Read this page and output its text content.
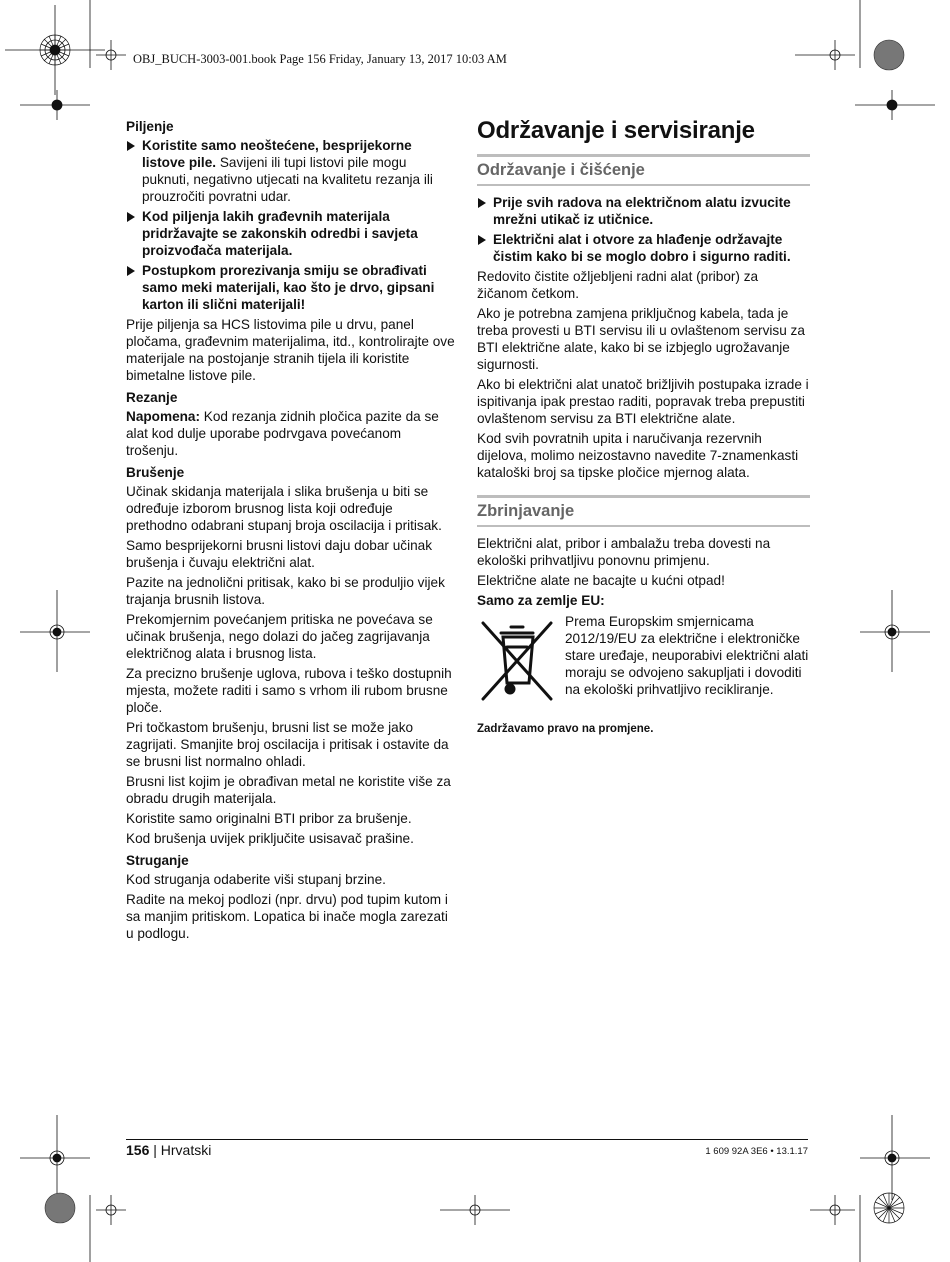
OBJ_BUCH-3003-001.book Page 156 Friday, January 13, 2017 10:03 AM
Piljenje
Koristite samo neoštećene, besprijekorne listove pile. Savijeni ili tupi listovi pile mogu puknuti, negativno utjecati na kvalitetu rezanja ili prouzročiti povratni udar.
Kod piljenja lakih građevnih materijala pridržavajte se zakonskih odredbi i savjeta proizvođača materijala.
Postupkom prorezivanja smiju se obrađivati samo meki materijali, kao što je drvo, gipsani karton ili slični materijali!

Prije piljenja sa HCS listovima pile u drvu, panel pločama, građevnim materijalima, itd., kontrolirajte ove materijale na postojanje stranih tijela ili koristite bimetalne listove pile.

Rezanje

Napomena: Kod rezanja zidnih pločica pazite da se alat kod dulje uporabe podrvgava povećanom trošenju.

Brušenje

Učinak skidanja materijala i slika brušenja u biti se određuje izborom brusnog lista koji određuje prethodno odabrani stupanj broja oscilacija i pritisak.

Samo besprijekorni brusni listovi daju dobar učinak brušenja i čuvaju električni alat.

Pazite na jednolični pritisak, kako bi se produljio vijek trajanja brusnih listova.

Prekomjernim povećanjem pritiska ne povećava se učinak brušenja, nego dolazi do jačeg zagrijavanja električnog alata i brusnog lista.

Za precizno brušenje uglova, rubova i teško dostupnih mjesta, možete raditi i samo s vrhom ili rubom brusne ploče.

Pri točkastom brušenju, brusni list se može jako zagrijati. Smanjite broj oscilacija i pritisak i ostavite da se brusni list normalno ohladi.

Brusni list kojim je obrađivan metal ne koristite više za obradu drugih materijala.

Koristite samo originalni BTI pribor za brušenje.

Kod brušenja uvijek priključite usisavač prašine.

Struganje

Kod struganja odaberite viši stupanj brzine.

Radite na mekoj podlozi (npr. drvu) pod tupim kutom i sa manjim pritiskom. Lopatica bi inače mogla zarezati u podlogu.

Održavanje i servisiranje
Održavanje i čišćenje
Prije svih radova na električnom alatu izvucite mrežni utikač iz utičnice.
Električni alat i otvore za hlađenje održavajte čistim kako bi se moglo dobro i sigurno raditi.

Redovito čistite ožljebljeni radni alat (pribor) za žičanom četkom.

Ako je potrebna zamjena priključnog kabela, tada je treba provesti u BTI servisu ili u ovlaštenom servisu za BTI električne alate, kako bi se izbjeglo ugrožavanje sigurnosti.

Ako bi električni alat unatoč brižljivih postupaka izrade i ispitivanja ipak prestao raditi, popravak treba prepustiti ovlaštenom servisu za BTI električne alate.

Kod svih povratnih upita i naručivanja rezervnih dijelova, molimo neizostavno navedite 7-znamenkasti kataloški broj sa tipske pločice mjernog alata.

Zbrinjavanje

Električni alat, pribor i ambalažu treba dovesti na ekološki prihvatljivu ponovnu primjenu.

Električne alate ne bacajte u kućni otpad!

Samo za zemlje EU:

Prema Europskim smjernicama 2012/19/EU za električne i elektroničke stare uređaje, neuporabivi električni alati moraju se odvojeno sakupljati i dovoditi na ekološki prihvatljivo recikliranje.
Zadržavamo pravo na promjene.
156 | Hrvatski	1 609 92A 3E6 • 13.1.17
